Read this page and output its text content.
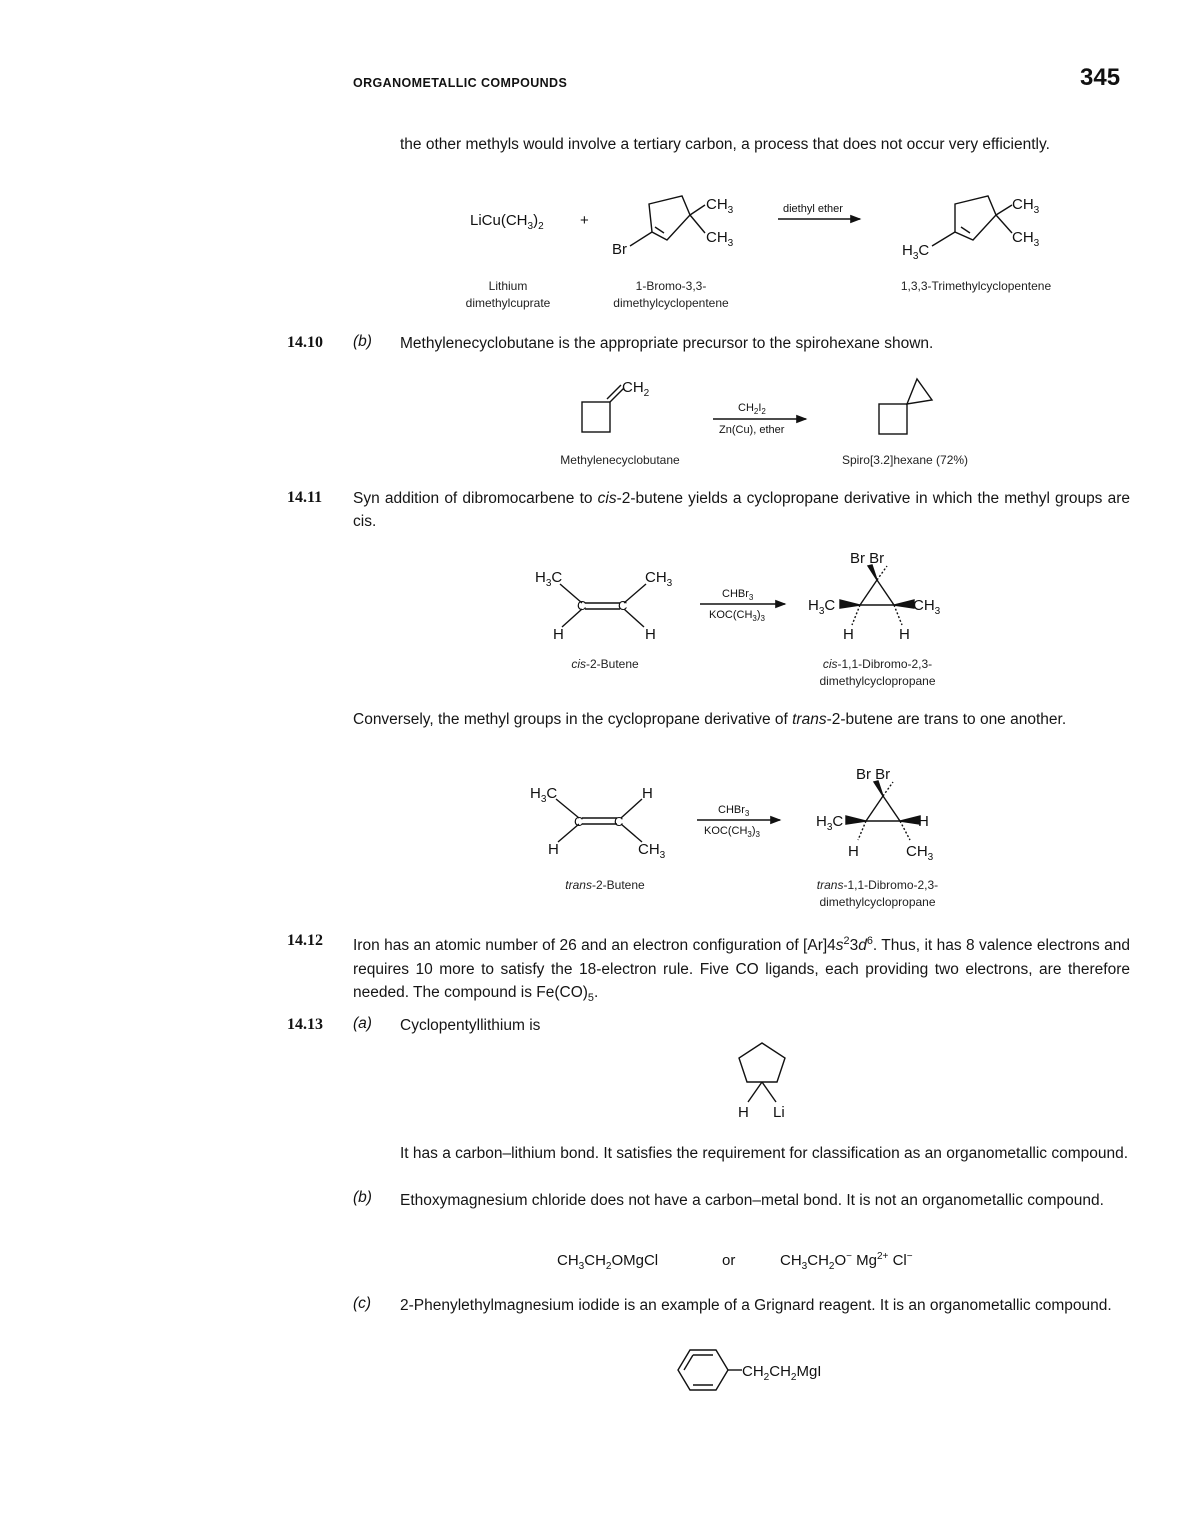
ORGANOMETALLIC COMPOUNDS	345
the other methyls would involve a tertiary carbon, a process that does not occur very efficiently.
Lithium
dimethylcuprate
1-Bromo-3,3-
dimethylcyclopentene
1,3,3-Trimethylcyclopentene
14.10 (b) Methylenecyclobutane is the appropriate precursor to the spirohexane shown.
Methylenecyclobutane	Spiro[3.2]hexane (72%)
14.11 Syn addition of dibromocarbene to cis-2-butene yields a cyclopropane derivative in which the methyl groups are cis.
cis-2-Butene	cis-1,1-Dibromo-2,3-
dimethylcyclopropane
Conversely, the methyl groups in the cyclopropane derivative of trans-2-butene are trans to one another.
trans-2-Butene	trans-1,1-Dibromo-2,3-
dimethylcyclopropane
14.12 Iron has an atomic number of 26 and an electron configuration of $[Ar]4s^23d^6$. Thus, it has 8 valence electrons and requires 10 more to satisfy the 18-electron rule. Five CO ligands, each providing two electrons, are therefore needed. The compound is $Fe(CO)_5$.
14.13 (a) Cyclopentyllithium is
It has a carbon–lithium bond. It satisfies the requirement for classification as an organometallic compound.
(b) Ethoxymagnesium chloride does not have a carbon–metal bond. It is not an organometallic compound.
(c) 2-Phenylethylmagnesium iodide is an example of a Grignard reagent. It is an organometallic compound.
$LiCu(CH_3)_2$ +
$CH_3$
$CH_3$
Br
$CH_3$
$CH_3$
$H_3C$
$CH_2$
$H_3C$	$CH_3$
C C
H	H
Br Br
$H_3C$	$CH_3$
H	H
$H_3C$	H
C C
H	$CH_3$
Br Br
$H_3C$	H
H	$CH_3$
H Li
$CH_3CH_2OMgCl$	or	$CH_3CH_2O^-$ $Mg^{2+}$ Cl−
$CH_2CH_2MgI$
diethyl ether
$CH_2I_2$
Zn(Cu), ether
CHBr$_3$
$KOC(CH_3)_3$
CHBr$_3$
$KOC(CH_3)_3$
